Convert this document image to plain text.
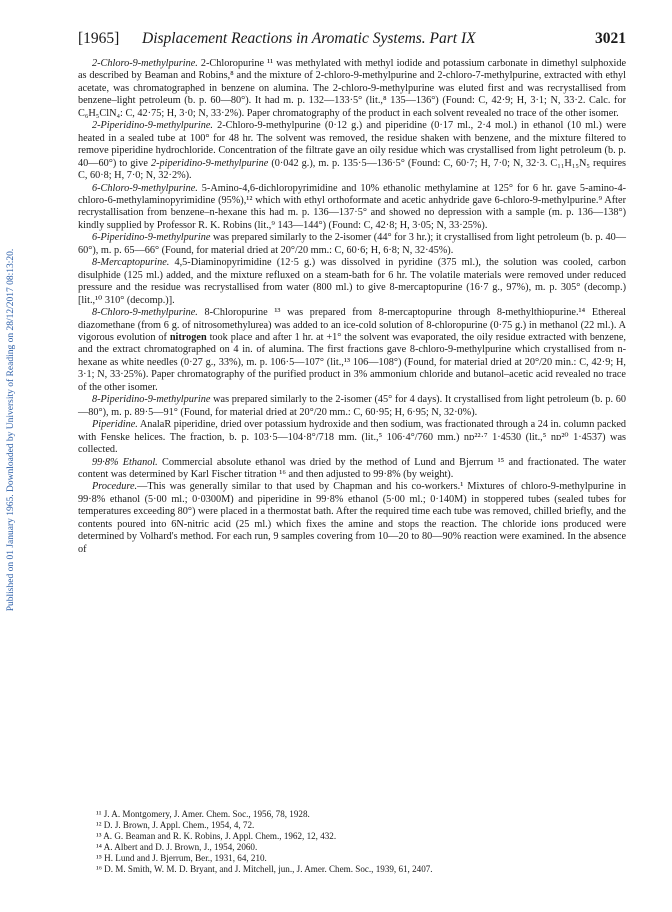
[1965] Displacement Reactions in Aromatic Systems. Part IX	3021
Published on 01 January 1965. Downloaded by University of Reading on 28/12/2017 08:13:20.

2-Chloro-9-methylpurine. 2-Chloropurine ¹¹ was methylated with methyl iodide and potassium carbonate in dimethyl sulphoxide as described by Beaman and Robins,⁸ and the mixture of 2-chloro-9-methylpurine and 2-chloro-7-methylpurine, extracted with ethyl acetate, was chromatographed in benzene on alumina. The 2-chloro-9-methylpurine was eluted first and was recrystallised from benzene–light petroleum (b. p. 60—80°). It had m. p. 132—133·5° (lit.,⁸ 135—136°) (Found: C, 42·9; H, 3·1; N, 33·2. Calc. for C₆H₅ClN₄: C, 42·75; H, 3·0; N, 33·2%). Paper chromatography of the product in each solvent revealed no trace of the other isomer.

2-Piperidino-9-methylpurine. 2-Chloro-9-methylpurine (0·12 g.) and piperidine (0·17 ml., 2·4 mol.) in ethanol (10 ml.) were heated in a sealed tube at 100° for 48 hr. The solvent was removed, the residue shaken with benzene, and the mixture filtered to remove piperidine hydrochloride. Concentration of the filtrate gave an oily residue which was crystallised from light petroleum (b. p. 40—60°) to give 2-piperidino-9-methylpurine (0·042 g.), m. p. 135·5—136·5° (Found: C, 60·7; H, 7·0; N, 32·3. C₁₁H₁₅N₅ requires C, 60·8; H, 7·0; N, 32·2%).

6-Chloro-9-methylpurine. 5-Amino-4,6-dichloropyrimidine and 10% ethanolic methylamine at 125° for 6 hr. gave 5-amino-4-chloro-6-methylaminopyrimidine (95%),¹² which with ethyl orthoformate and acetic anhydride gave 6-chloro-9-methylpurine.⁹ After recrystallisation from benzene–n-hexane this had m. p. 136—137·5° and showed no depression with a sample (m. p. 136—138°) kindly supplied by Professor R. K. Robins (lit.,⁹ 143—144°) (Found: C, 42·8; H, 3·05; N, 33·25%).

6-Piperidino-9-methylpurine was prepared similarly to the 2-isomer (44° for 3 hr.); it crystallised from light petroleum (b. p. 40—60°), m. p. 65—66° (Found, for material dried at 20°/20 mm.: C, 60·6; H, 6·8; N, 32·45%).

8-Mercaptopurine. 4,5-Diaminopyrimidine (12·5 g.) was dissolved in pyridine (375 ml.), the solution was cooled, carbon disulphide (125 ml.) added, and the mixture refluxed on a steam-bath for 6 hr. The volatile materials were removed under reduced pressure and the residue was recrystallised from water (800 ml.) to give 8-mercaptopurine (16·7 g., 97%), m. p. 305° (decomp.) [lit.,¹⁰ 310° (decomp.)].

8-Chloro-9-methylpurine. 8-Chloropurine ¹³ was prepared from 8-mercaptopurine through 8-methylthiopurine.¹⁴ Ethereal diazomethane (from 6 g. of nitrosomethylurea) was added to an ice-cold solution of 8-chloropurine (0·75 g.) in methanol (22 ml.). A vigorous evolution of nitrogen took place and after 1 hr. at +1° the solvent was evaporated, the oily residue extracted with benzene, and the extract chromatographed on 4 in. of alumina. The first fractions gave 8-chloro-9-methylpurine which crystallised from n-hexane as white needles (0·27 g., 33%), m. p. 106·5—107° (lit.,¹³ 106—108°) (Found, for material dried at 20°/20 min.: C, 42·9; H, 3·1; N, 33·25%). Paper chromatography of the purified product in 3% ammonium chloride and butanol–acetic acid revealed no trace of the other isomer.

8-Piperidino-9-methylpurine was prepared similarly to the 2-isomer (45° for 4 days). It crystallised from light petroleum (b. p. 60—80°), m. p. 89·5—91° (Found, for material dried at 20°/20 mm.: C, 60·95; H, 6·95; N, 32·0%).

Piperidine. AnalaR piperidine, dried over potassium hydroxide and then sodium, was fractionated through a 24 in. column packed with Fenske helices. The fraction, b. p. 103·5—104·8°/718 mm. (lit.,⁵ 106·4°/760 mm.) nᴅ²²·⁷ 1·4530 (lit.,⁵ nᴅ²⁰ 1·4537) was collected.

99·8% Ethanol. Commercial absolute ethanol was dried by the method of Lund and Bjerrum ¹⁵ and fractionated. The water content was determined by Karl Fischer titration ¹⁶ and then adjusted to 99·8% (by weight).

Procedure.—This was generally similar to that used by Chapman and his co-workers.¹ Mixtures of chloro-9-methylpurine in 99·8% ethanol (5·00 ml.; 0·0300M) and piperidine in 99·8% ethanol (5·00 ml.; 0·140M) in stoppered tubes (sealed tubes for temperatures exceeding 80°) were placed in a thermostat bath. After the required time each tube was removed, chilled briefly, and the contents poured into 6N-nitric acid (25 ml.) which fixes the amine and stops the reaction. The chloride ions produced were determined by Volhard's method. For each run, 9 samples covering from 10—20 to 80—90% reaction were examined. In the absence of

¹¹ J. A. Montgomery, J. Amer. Chem. Soc., 1956, 78, 1928.
¹² D. J. Brown, J. Appl. Chem., 1954, 4, 72.
¹³ A. G. Beaman and R. K. Robins, J. Appl. Chem., 1962, 12, 432.
¹⁴ A. Albert and D. J. Brown, J., 1954, 2060.
¹⁵ H. Lund and J. Bjerrum, Ber., 1931, 64, 210.
¹⁶ D. M. Smith, W. M. D. Bryant, and J. Mitchell, jun., J. Amer. Chem. Soc., 1939, 61, 2407.
